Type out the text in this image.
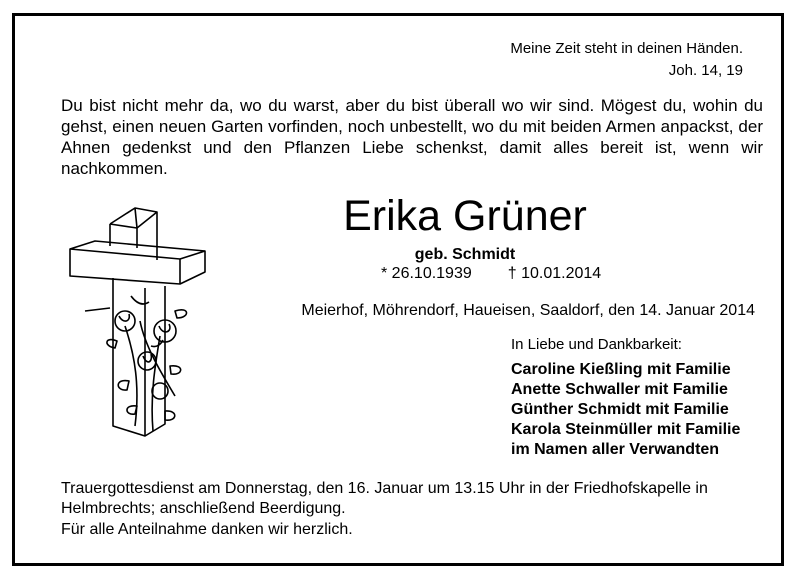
Meine Zeit steht in deinen Händen.
Joh. 14, 19
Du bist nicht mehr da, wo du warst, aber du bist überall wo wir sind. Mögest du, wohin du gehst, einen neuen Garten vorfinden, noch unbestellt, wo du mit beiden Armen anpackst, der Ahnen gedenkst und den Pflanzen Liebe schenkst, damit alles bereit ist, wenn wir nachkommen.
Erika Grüner
geb. Schmidt
* 26.10.1939 † 10.01.2014
Meierhof, Möhrendorf, Haueisen, Saaldorf, den 14. Januar 2014
In Liebe und Dankbarkeit:
Caroline Kießling mit Familie
Anette Schwaller mit Familie
Günther Schmidt mit Familie
Karola Steinmüller mit Familie
im Namen aller Verwandten
Trauergottesdienst am Donnerstag, den 16. Januar um 13.15 Uhr in der Friedhofskapelle in Helmbrechts; anschließend Beerdigung.
Für alle Anteilnahme danken wir herzlich.
